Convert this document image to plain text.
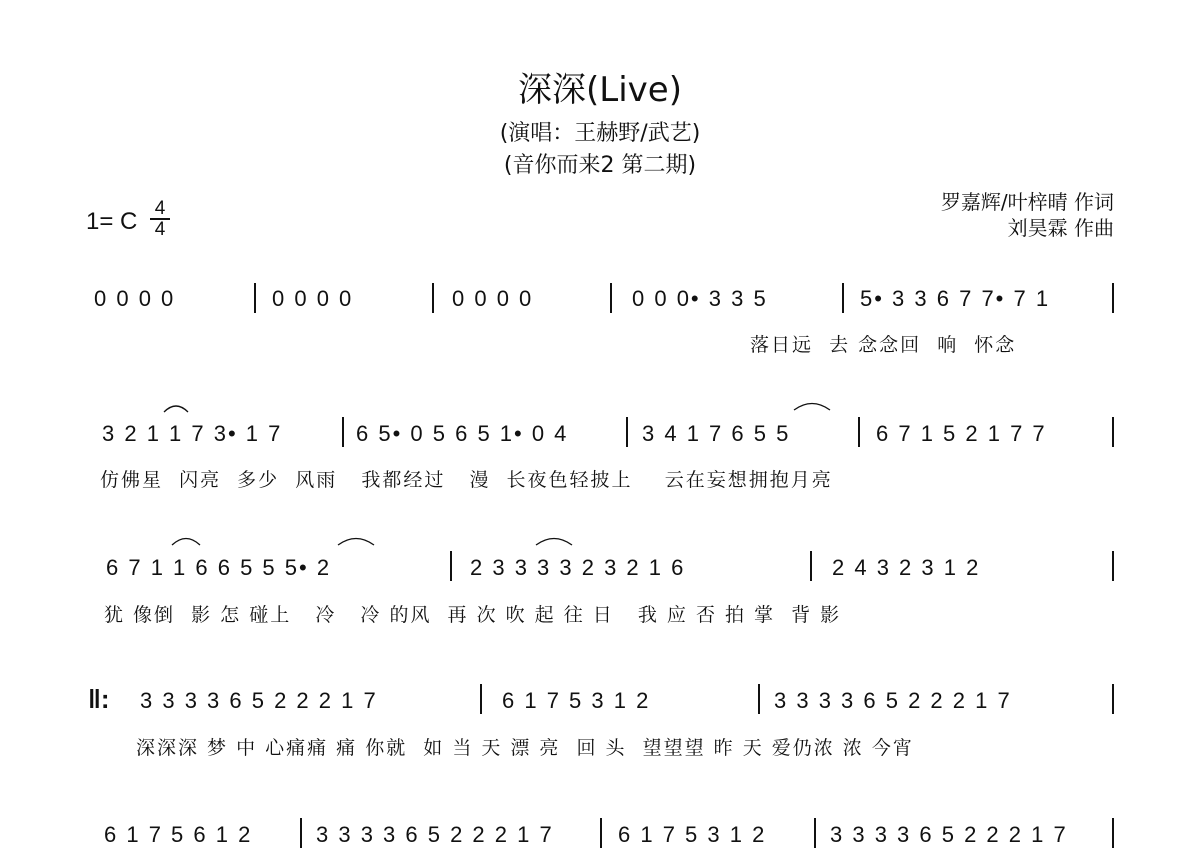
深深(Live)
(演唱：王赫野/武艺)
(音你而来2 第二期)
罗嘉辉/叶梓晴 作词
刘昊霖 作曲
1= C 4
4
0 0 0 0	0 0 0 0	0 0 0 0	0 0 0• 3 3 5	5• 3 3 6 7 7• 7 1
落日远  去 念念回  响  怀念
3 2 1 1 7 3• 1 7	6 5• 0 5 6 5 1• 0 4	3 4 1 7 6 5 5	6 7 1 5 2 1 7 7
仿佛星  闪亮  多少  风雨   我都经过   漫  长夜色轻披上    云在妄想拥抱月亮
6 7 1 1 6 6 5 5 5• 2	2 3 3 3 3 2 3 2 1 6	2 4 3 2 3 1 2
犹 像倒  影 怎 碰上   冷   冷 的风  再 次 吹 起 往 日   我 应 否 拍 掌  背 影
‖: 3 3 3 3 6 5 2 2 2 1 7	6 1 7 5 3 1 2	3 3 3 3 6 5 2 2 2 1 7
深深深 梦 中 心痛痛 痛 你就  如 当 天 漂 亮  回 头  望望望 昨 天 爱仍浓 浓 今宵
6 1 7 5 6 1 2	3 3 3 3 6 5 2 2 2 1 7	6 1 7 5 3 1 2	3 3 3 3 6 5 2 2 2 1 7
